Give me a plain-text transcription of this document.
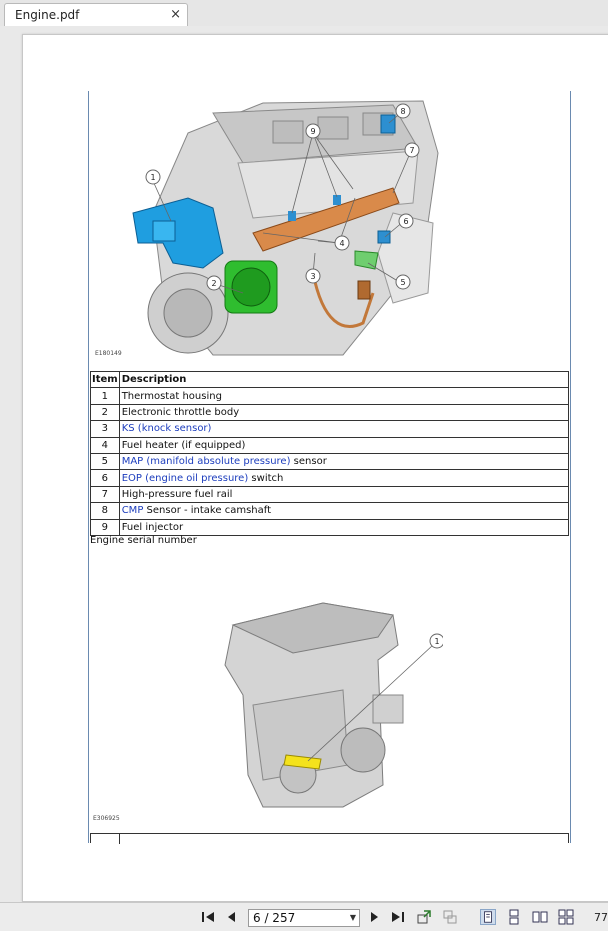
Engine.pdf	×
1
2
3
4
5
6
7
8
9
E180149
Item	Description
1	Thermostat housing
2	Electronic throttle body
3	KS (knock sensor)
4	Fuel heater (if equipped)
5	MAP (manifold absolute pressure) sensor
6	EOP (engine oil pressure) switch
7	High-pressure fuel rail
8	CMP Sensor - intake camshaft
9	Fuel injector
Engine serial number
1
E306925
6 / 257	▼	77
